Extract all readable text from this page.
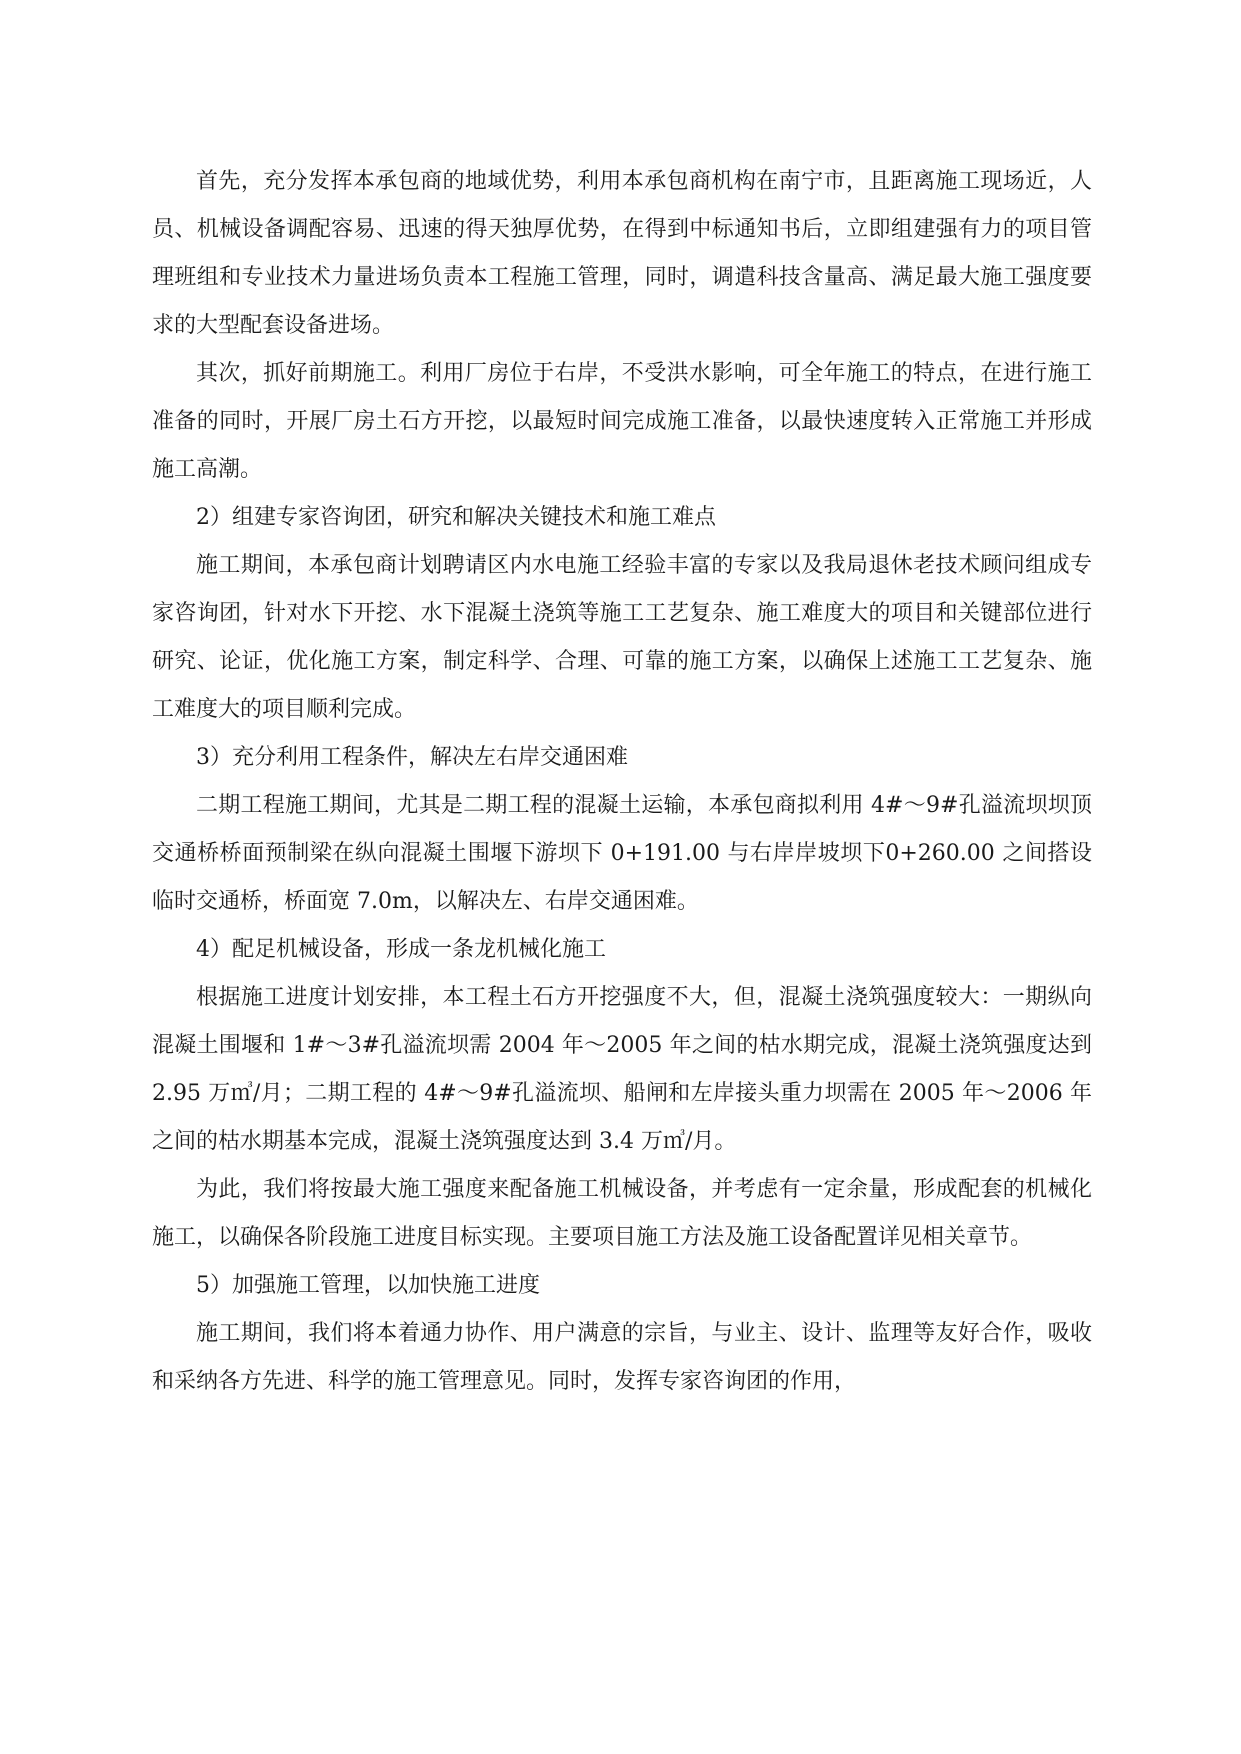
首先，充分发挥本承包商的地域优势，利用本承包商机构在南宁市，且距离施工现场近，人员、机械设备调配容易、迅速的得天独厚优势，在得到中标通知书后，立即组建强有力的项目管理班组和专业技术力量进场负责本工程施工管理，同时，调遣科技含量高、满足最大施工强度要求的大型配套设备进场。

其次，抓好前期施工。利用厂房位于右岸，不受洪水影响，可全年施工的特点，在进行施工准备的同时，开展厂房土石方开挖，以最短时间完成施工准备，以最快速度转入正常施工并形成施工高潮。

2）组建专家咨询团，研究和解决关键技术和施工难点

施工期间，本承包商计划聘请区内水电施工经验丰富的专家以及我局退休老技术顾问组成专家咨询团，针对水下开挖、水下混凝土浇筑等施工工艺复杂、施工难度大的项目和关键部位进行研究、论证，优化施工方案，制定科学、合理、可靠的施工方案，以确保上述施工工艺复杂、施工难度大的项目顺利完成。

3）充分利用工程条件，解决左右岸交通困难

二期工程施工期间，尤其是二期工程的混凝土运输，本承包商拟利用 4#～9#孔溢流坝坝顶交通桥桥面预制梁在纵向混凝土围堰下游坝下 0+191.00 与右岸岸坡坝下0+260.00 之间搭设临时交通桥，桥面宽 7.0m，以解决左、右岸交通困难。

4）配足机械设备，形成一条龙机械化施工

根据施工进度计划安排，本工程土石方开挖强度不大，但，混凝土浇筑强度较大：一期纵向混凝土围堰和 1#～3#孔溢流坝需 2004 年～2005 年之间的枯水期完成，混凝土浇筑强度达到 2.95 万㎥/月；二期工程的 4#～9#孔溢流坝、船闸和左岸接头重力坝需在 2005 年～2006 年之间的枯水期基本完成，混凝土浇筑强度达到 3.4 万㎥/月。

为此，我们将按最大施工强度来配备施工机械设备，并考虑有一定余量，形成配套的机械化施工，以确保各阶段施工进度目标实现。主要项目施工方法及施工设备配置详见相关章节。

5）加强施工管理，以加快施工进度

施工期间，我们将本着通力协作、用户满意的宗旨，与业主、设计、监理等友好合作，吸收和采纳各方先进、科学的施工管理意见。同时，发挥专家咨询团的作用，
